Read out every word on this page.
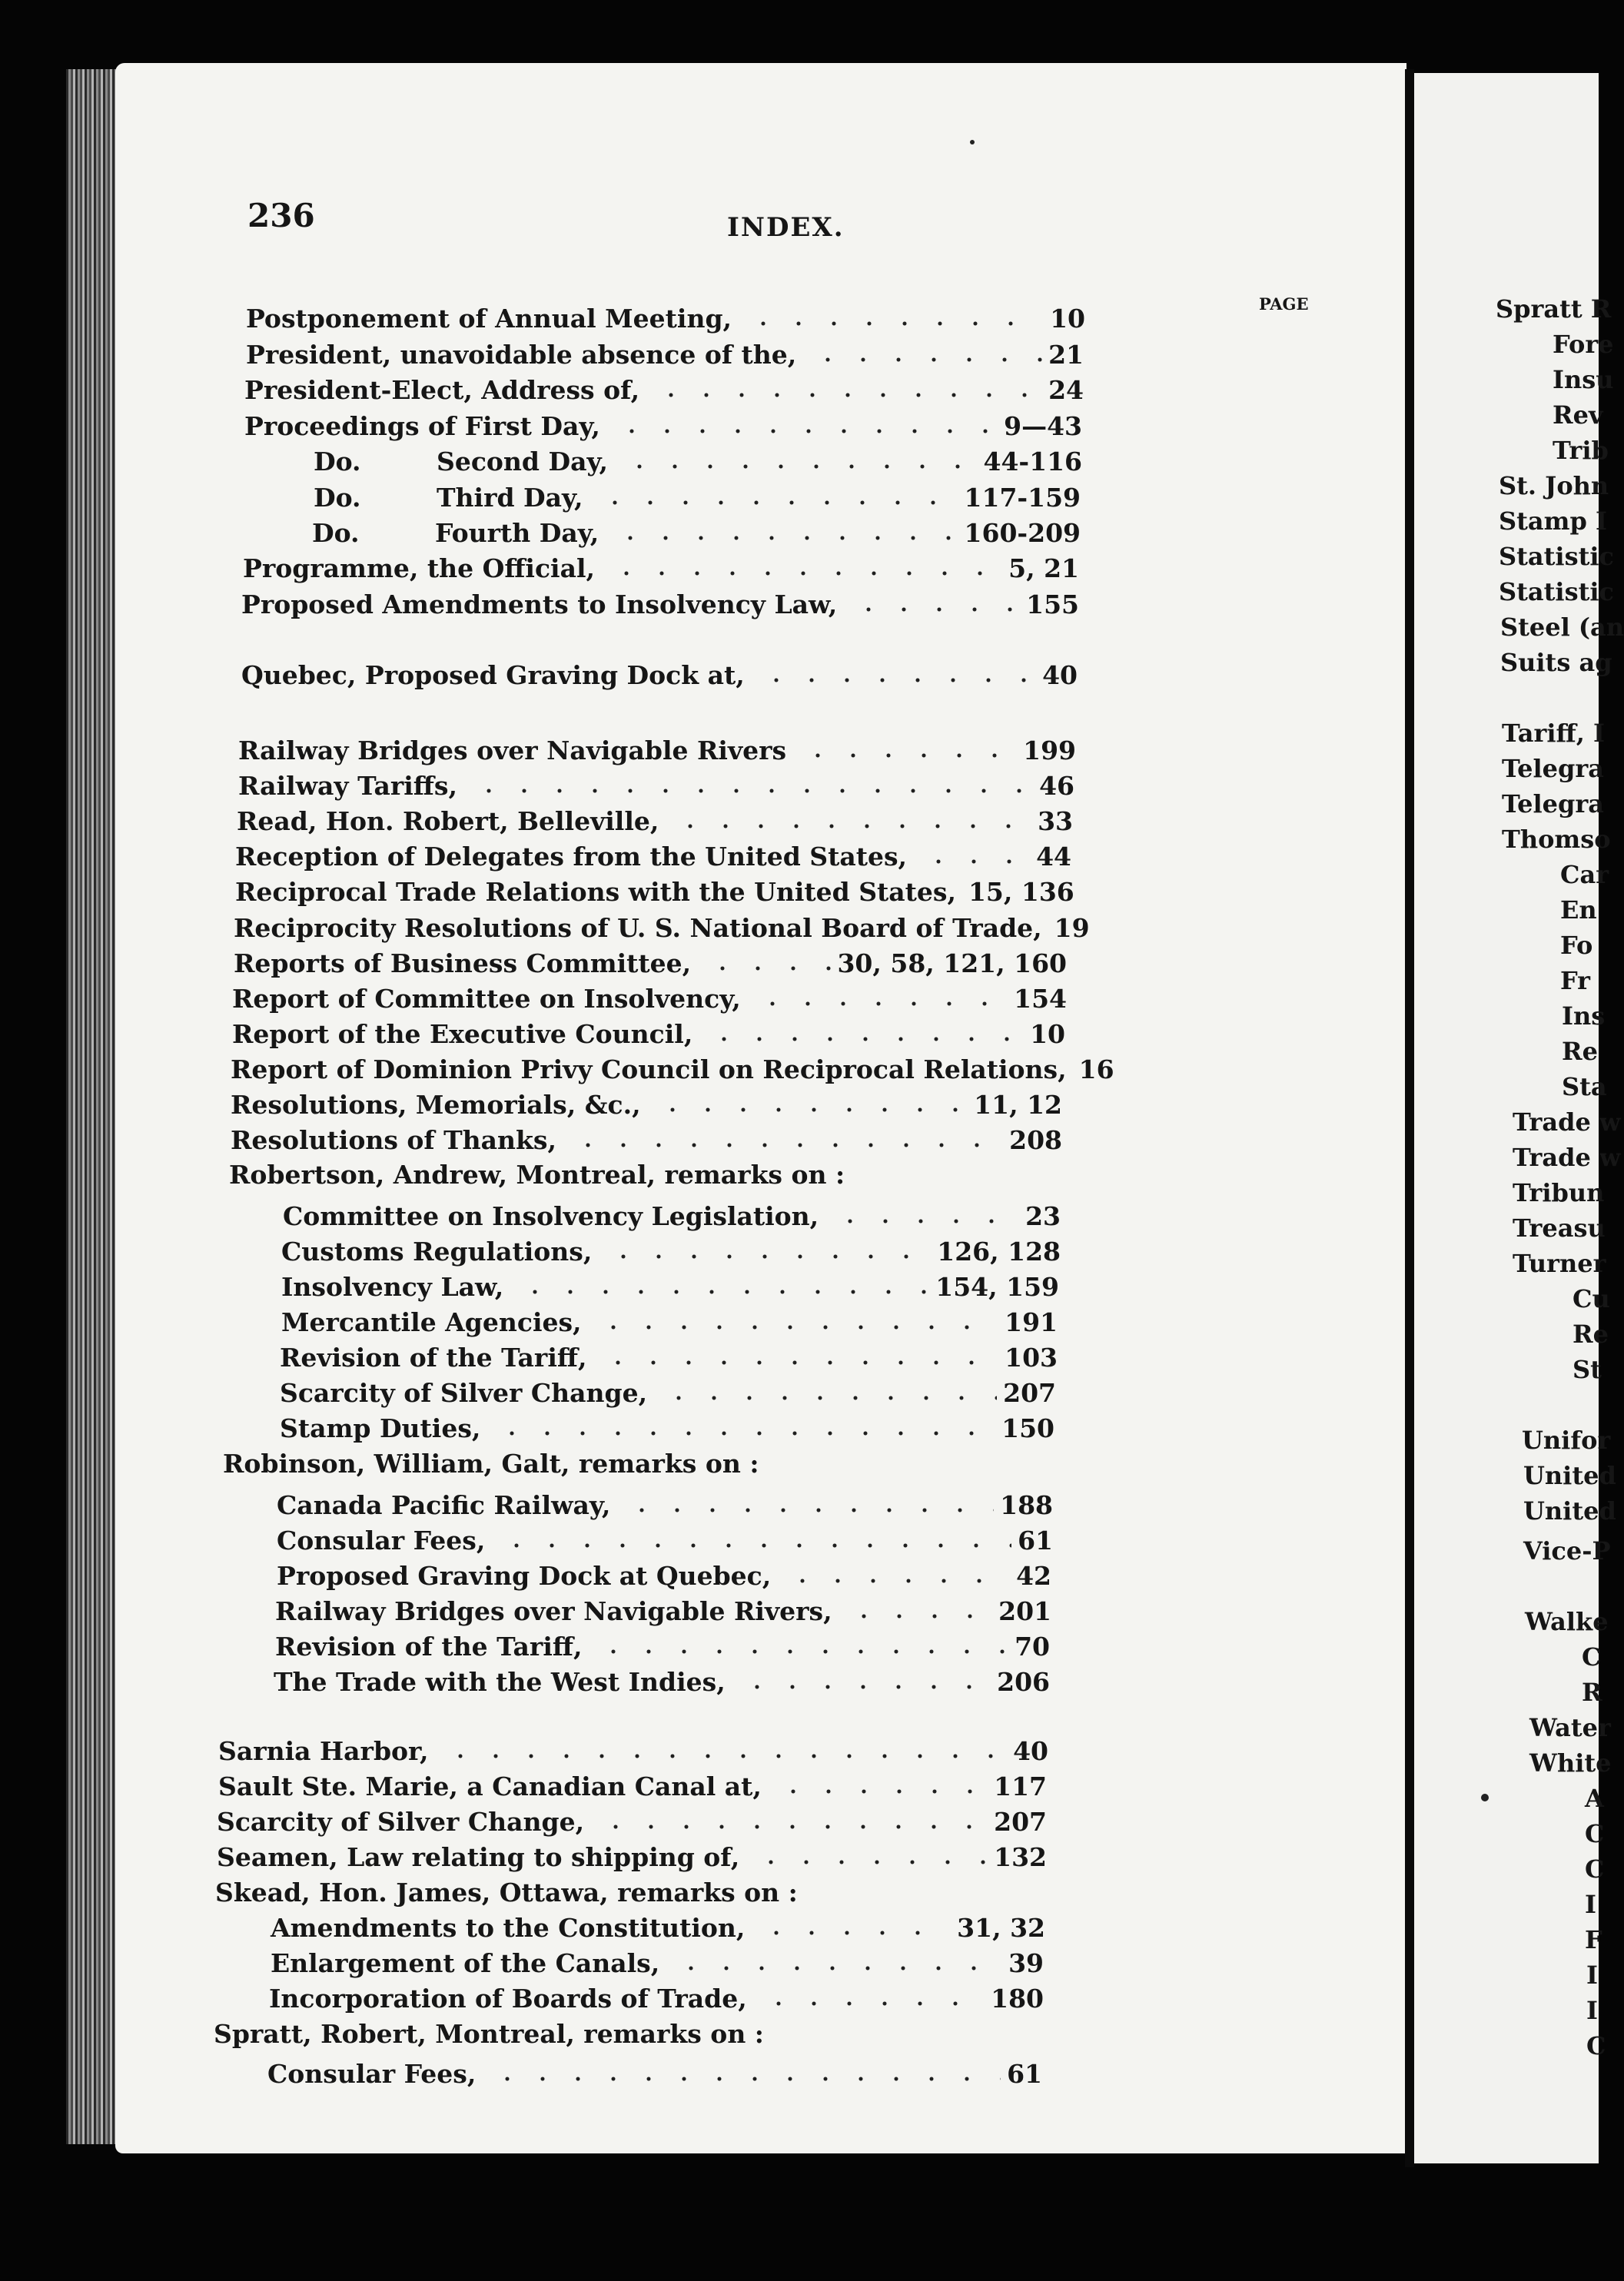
236	INDEX.
PAGE
Postponement of Annual Meeting,	10
President, unavoidable absence of the,	21
President-Elect, Address of,	24
Proceedings of First Day,	9—43
Do.	Second Day,	44-116
Do.	Third Day,	117-159
Do.	Fourth Day,	160-209
Programme, the Official,	5, 21
Proposed Amendments to Insolvency Law,	155
Quebec, Proposed Graving Dock at,	40
Railway Bridges over Navigable Rivers	199
Railway Tariffs,	46
Read, Hon. Robert, Belleville,	33
Reception of Delegates from the United States,	44
Reciprocal Trade Relations with the United States, 15, 136
Reciprocity Resolutions of U. S. National Board of Trade, 19
Reports of Business Committee,	30, 58, 121, 160
Report of Committee on Insolvency,	154
Report of the Executive Council,	10
Report of Dominion Privy Council on Reciprocal Relations, 16
Resolutions, Memorials, &c.,	11, 12
Resolutions of Thanks,	208
Robertson, Andrew, Montreal, remarks on :
Committee on Insolvency Legislation,	23
Customs Regulations,	126, 128
Insolvency Law,	154, 159
Mercantile Agencies,	191
Revision of the Tariff,	103
Scarcity of Silver Change,	207
Stamp Duties,	150
Robinson, William, Galt, remarks on :
Canada Pacific Railway,	188
Consular Fees,	61
Proposed Graving Dock at Quebec,	42
Railway Bridges over Navigable Rivers,	201
Revision of the Tariff,	70
The Trade with the West Indies,	206
Sarnia Harbor,	40
Sault Ste. Marie, a Canadian Canal at,	117
Scarcity of Silver Change,	207
Seamen, Law relating to shipping of,	132
Skead, Hon. James, Ottawa, remarks on :
Amendments to the Constitution,	31, 32
Enlargement of the Canals,	39
Incorporation of Boards of Trade,	180
Spratt, Robert, Montreal, remarks on :
Consular Fees,	61
Spratt R
Fore
Insu
Rev
Trib
St. John
Stamp I
Statistic
Statistic
Steel (an
Suits ag
Tariff, I
Telegra
Telegra
Thomso
Car
En
Fo
Fr
Ins
Re
Sta
Trade w
Trade w
Tribun
Treasu
Turner
Cu
Re
St
Unifor
United
United
Vice-P
Walke
C
R
Water
White
A
C
C
I
F
I
I
C
